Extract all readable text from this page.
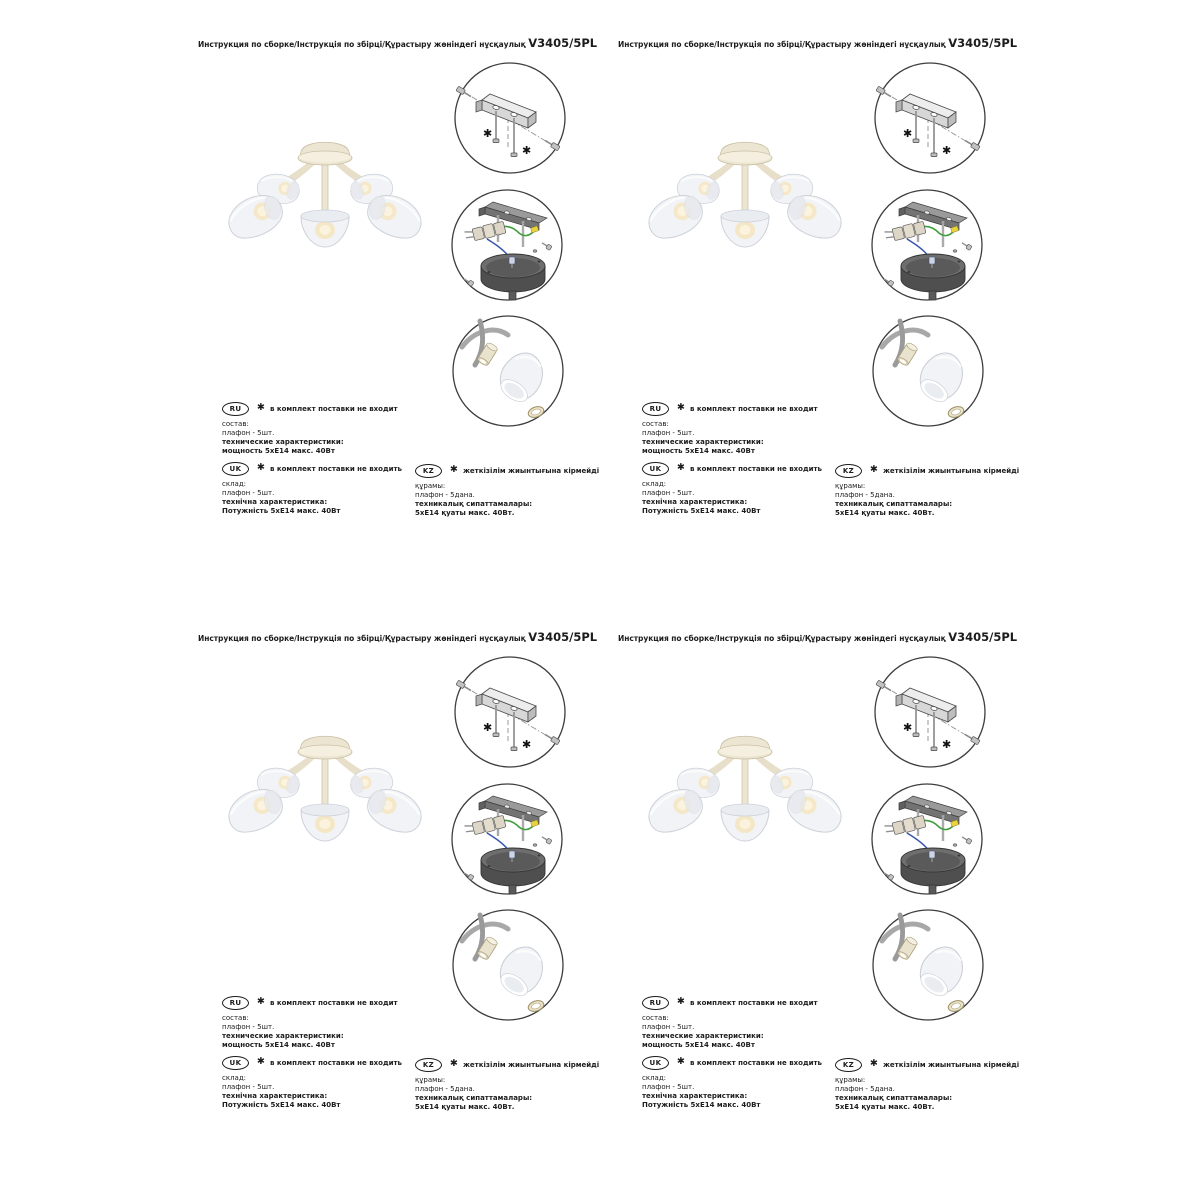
Инструкция по сборке/Інструкція по збірці/Құрастыру жөніндегі нұсқаулық V3405/5PL
✱
✱
RU	✱ в комплект поставки не входит
состав:
плафон - 5шт.
технические характеристики:
мощность 5хЕ14 макс. 40Вт
UK	✱ в комплект поставки не входить
склад:
плафон - 5шт.
технічна характеристика:
Потужність 5хЕ14 макс. 40Вт
KZ	✱ жеткізілім жиынтығына кірмейді
құрамы:
плафон - 5дана.
техникалық сипаттамалары:
5хЕ14 қуаты макс. 40Вт.
Инструкция по сборке/Інструкція по збірці/Құрастыру жөніндегі нұсқаулық V3405/5PL
✱
✱
RU	✱ в комплект поставки не входит
состав:
плафон - 5шт.
технические характеристики:
мощность 5хЕ14 макс. 40Вт
UK	✱ в комплект поставки не входить
склад:
плафон - 5шт.
технічна характеристика:
Потужність 5хЕ14 макс. 40Вт
KZ	✱ жеткізілім жиынтығына кірмейді
құрамы:
плафон - 5дана.
техникалық сипаттамалары:
5хЕ14 қуаты макс. 40Вт.
Инструкция по сборке/Інструкція по збірці/Құрастыру жөніндегі нұсқаулық V3405/5PL
✱
✱
RU	✱ в комплект поставки не входит
состав:
плафон - 5шт.
технические характеристики:
мощность 5хЕ14 макс. 40Вт
UK	✱ в комплект поставки не входить
склад:
плафон - 5шт.
технічна характеристика:
Потужність 5хЕ14 макс. 40Вт
KZ	✱ жеткізілім жиынтығына кірмейді
құрамы:
плафон - 5дана.
техникалық сипаттамалары:
5хЕ14 қуаты макс. 40Вт.
Инструкция по сборке/Інструкція по збірці/Құрастыру жөніндегі нұсқаулық V3405/5PL
✱
✱
RU	✱ в комплект поставки не входит
состав:
плафон - 5шт.
технические характеристики:
мощность 5хЕ14 макс. 40Вт
UK	✱ в комплект поставки не входить
склад:
плафон - 5шт.
технічна характеристика:
Потужність 5хЕ14 макс. 40Вт
KZ	✱ жеткізілім жиынтығына кірмейді
құрамы:
плафон - 5дана.
техникалық сипаттамалары:
5хЕ14 қуаты макс. 40Вт.
